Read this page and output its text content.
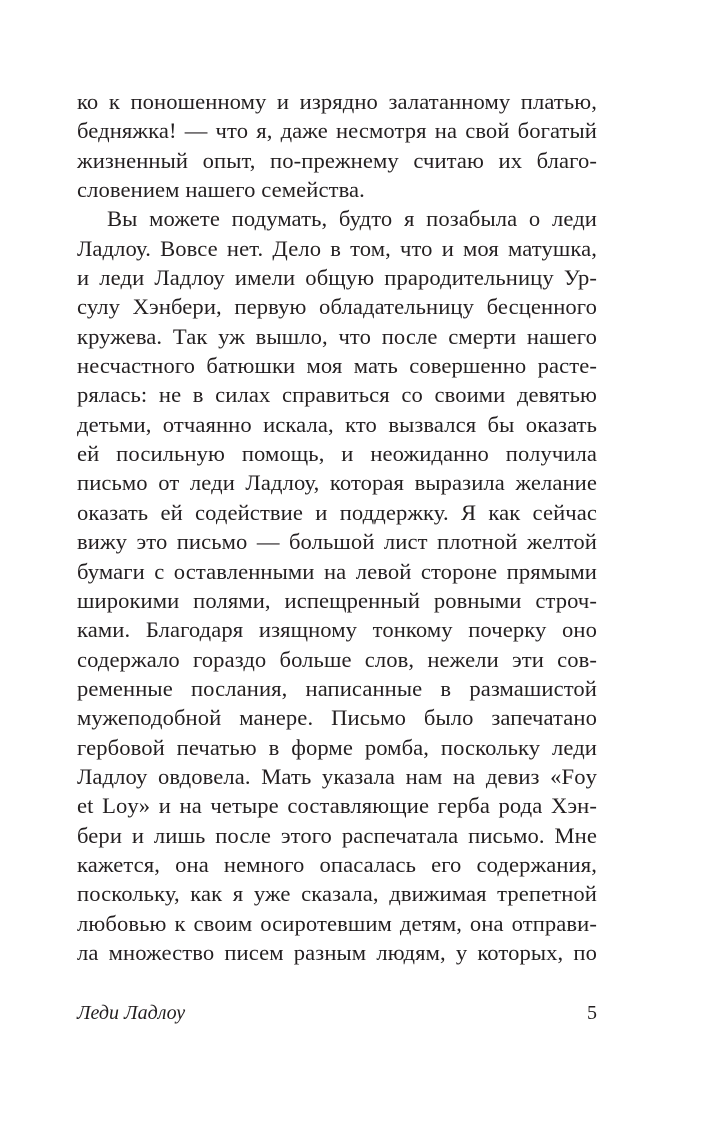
ко к поношенному и изрядно залатанному платью,
бедняжка! — что я, даже несмотря на свой богатый
жизненный опыт, по-прежнему считаю их благо-
словением нашего семейства.
Вы можете подумать, будто я позабыла о леди
Ладлоу. Вовсе нет. Дело в том, что и моя матушка,
и леди Ладлоу имели общую прародительницу Ур-
сулу Хэнбери, первую обладательницу бесценного
кружева. Так уж вышло, что после смерти нашего
несчастного батюшки моя мать совершенно расте-
рялась: не в силах справиться со своими девятью
детьми, отчаянно искала, кто вызвался бы оказать
ей посильную помощь, и неожиданно получила
письмо от леди Ладлоу, которая выразила желание
оказать ей содействие и поддержку. Я как сейчас
вижу это письмо — большой лист плотной желтой
бумаги с оставленными на левой стороне прямыми
широкими полями, испещренный ровными строч-
ками. Благодаря изящному тонкому почерку оно
содержало гораздо больше слов, нежели эти сов-
ременные послания, написанные в размашистой
мужеподобной манере. Письмо было запечатано
гербовой печатью в форме ромба, поскольку леди
Ладлоу овдовела. Мать указала нам на девиз «Foy
et Loy» и на четыре составляющие герба рода Хэн-
бери и лишь после этого распечатала письмо. Мне
кажется, она немного опасалась его содержания,
поскольку, как я уже сказала, движимая трепетной
любовью к своим осиротевшим детям, она отправи-
ла множество писем разным людям, у которых, по
Леди Ладлоу	5
